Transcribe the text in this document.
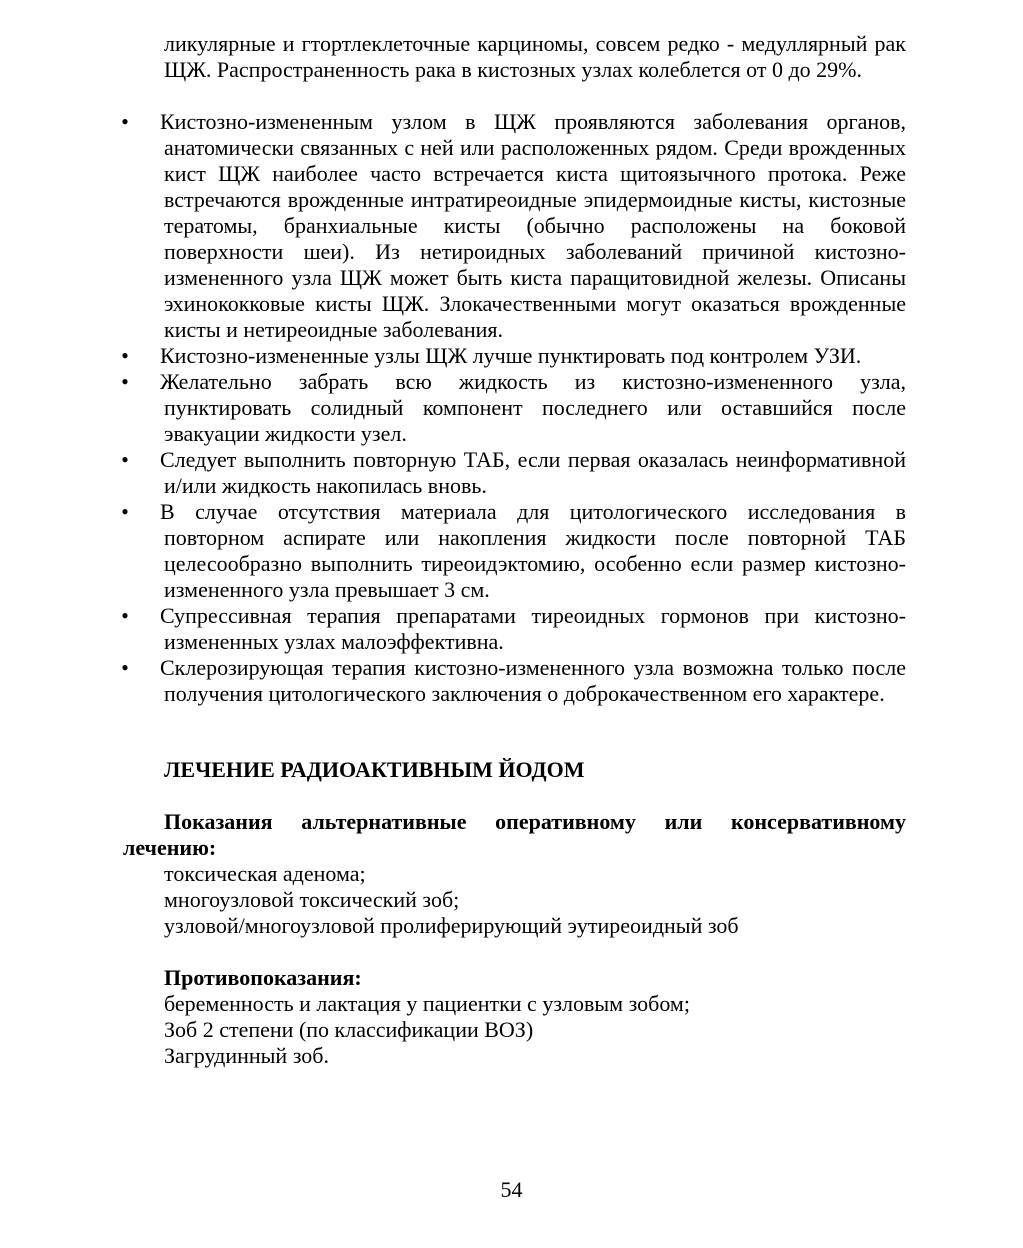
ликулярные и гтортлеклеточные карциномы, совсем редко - медуллярный рак ЩЖ. Распространенность рака в кистозных узлах колеблется от 0 до 29%.

• Кистозно-измененным узлом в ЩЖ проявляются заболевания органов, анатомически связанных с ней или расположенных рядом. Среди врожденных кист ЩЖ наиболее часто встречается киста щитоязычного протока. Реже встречаются врожденные интратиреоидные эпидермоидные кисты, кистозные тератомы, бранхиальные кисты (обычно расположены на боковой поверхности шеи). Из нетироидных заболеваний причиной кистозно-измененного узла ЩЖ может быть киста паращитовидной железы. Описаны эхинококковые кисты ЩЖ. Злокачественными могут оказаться врожденные кисты и нетиреоидные заболевания.
• Кистозно-измененные узлы ЩЖ лучше пунктировать под контролем УЗИ.
• Желательно забрать всю жидкость из кистозно-измененного узла, пунктировать солидный компонент последнего или оставшийся после эвакуации жидкости узел.
• Следует выполнить повторную ТАБ, если первая оказалась неинформативной и/или жидкость накопилась вновь.
• В случае отсутствия материала для цитологического исследования в повторном аспирате или накопления жидкости после повторной ТАБ целесообразно выполнить тиреоидэктомию, особенно если размер кистозно-измененного узла превышает 3 см.
• Супрессивная терапия препаратами тиреоидных гормонов при кистозно-измененных узлах малоэффективна.
• Склерозирующая терапия кистозно-измененного узла возможна только после получения цитологического заключения о доброкачественном его характере.
ЛЕЧЕНИЕ РАДИОАКТИВНЫМ ЙОДОМ

Показания альтернативные оперативному или консервативному лечению:

токсическая аденома;
многоузловой токсический зоб;
узловой/многоузловой пролиферирующий эутиреоидный зоб

Противопоказания:

беременность и лактация у пациентки с узловым зобом;
Зоб 2 степени (по классификации ВОЗ)
Загрудинный зоб.

54
